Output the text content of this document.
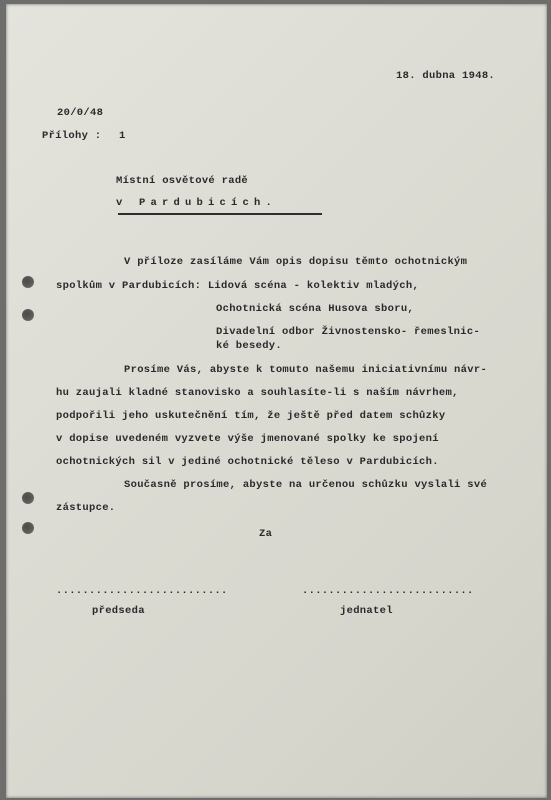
18. dubna 1948.
20/0/48
Přílohy : 1
Místní osvětové radě
v Pardubicích.
V příloze zasíláme Vám opis dopisu těmto ochotnickým
spolkům v Pardubicích: Lidová scéna - kolektiv mladých,
Ochotnická scéna Husova sboru,
Divadelní odbor Živnostensko- řemeslnic-
ké besedy.
Prosíme Vás, abyste k tomuto našemu iniciativnímu návr-
hu zaujali kladné stanovisko a souhlasíte-li s naším návrhem,
podpořili jeho uskutečnění tím, že ještě před datem schůzky
v dopise uvedeném vyzvete výše jmenované spolky ke spojení
ochotnických sil v jediné ochotnické těleso v Pardubicích.
Současně prosíme, abyste na určenou schůzku vyslali své
zástupce.
Za
..........................	..........................
předseda	jednatel
